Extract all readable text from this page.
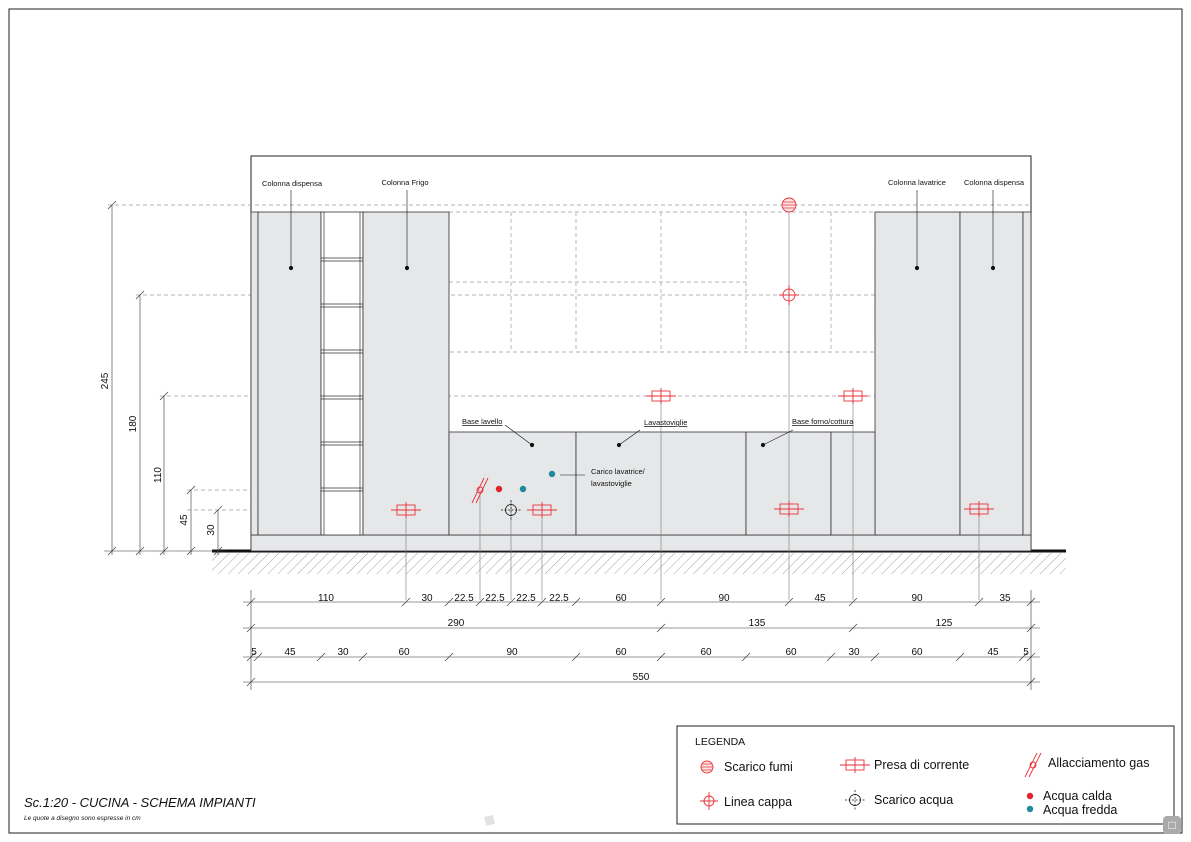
Colonna dispensa	Colonna Frigo	Colonna lavatrice Colonna dispensa
Base lavello	Lavastoviglie	Base forno/cottura
Carico lavatrice/
lavastoviglie
245
180
110
45
30
110	30 22.5 22.5 22.5 22.5	60	90	45	90	35
290	135	125
5	45	30	60	90	60	60	60	30	60	45 5
550
Sc.1:20 - CUCINA - SCHEMA IMPIANTI
Le quote a disegno sono espresse in cm
LEGENDA
Scarico fumi
Linea cappa
Presa di corrente
Scarico acqua
Allacciamento gas
Acqua calda
Acqua fredda
□
